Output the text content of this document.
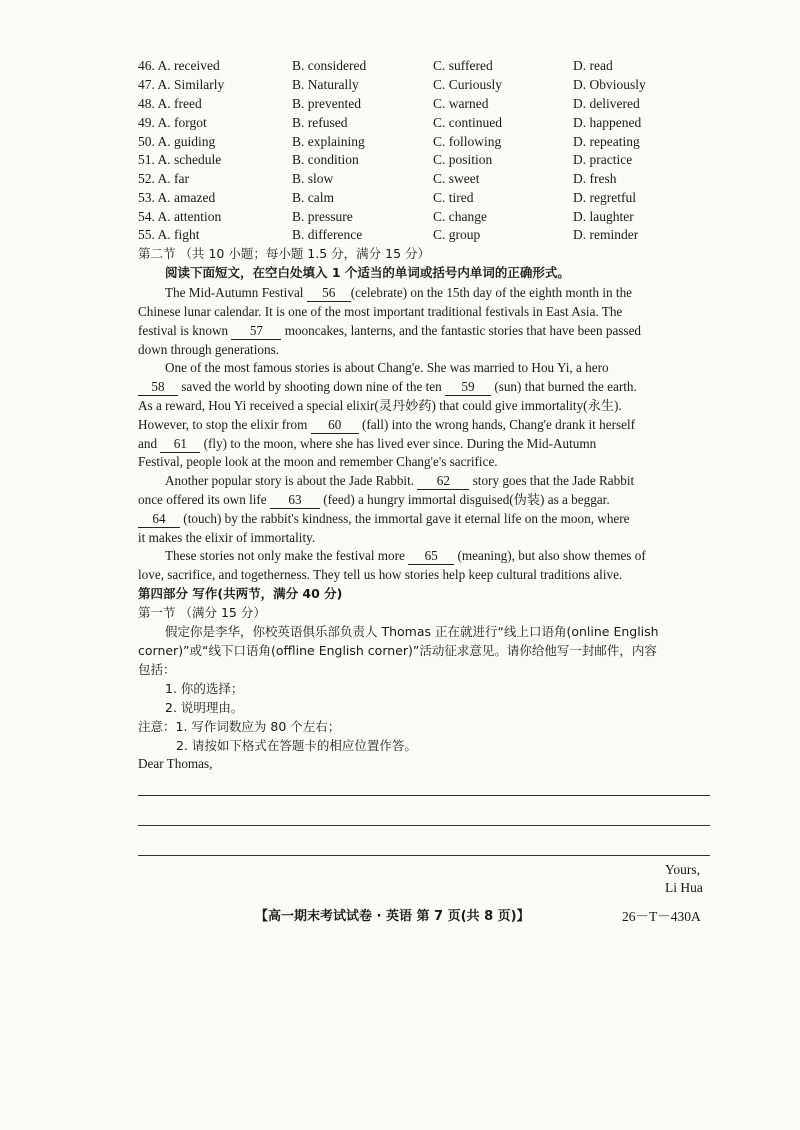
46. A. received	B. considered	C. suffered	D. read
47. A. Similarly	B. Naturally	C. Curiously	D. Obviously
48. A. freed	B. prevented	C. warned	D. delivered
49. A. forgot	B. refused	C. continued	D. happened
50. A. guiding	B. explaining	C. following	D. repeating
51. A. schedule	B. condition	C. position	D. practice
52. A. far	B. slow	C. sweet	D. fresh
53. A. amazed	B. calm	C. tired	D. regretful
54. A. attention	B. pressure	C. change	D. laughter
55. A. fight	B. difference	C. group	D. reminder
第二节 （共 10 小题；每小题 1.5 分，满分 15 分）
阅读下面短文，在空白处填入 1 个适当的单词或括号内单词的正确形式。
The Mid-Autumn Festival 56 (celebrate) on the 15th day of the eighth month in the
Chinese lunar calendar. It is one of the most important traditional festivals in East Asia. The
festival is known 57 mooncakes, lanterns, and the fantastic stories that have been passed
down through generations.
One of the most famous stories is about Chang'e. She was married to Hou Yi, a hero
58 saved the world by shooting down nine of the ten 59 (sun) that burned the earth.
As a reward, Hou Yi received a special elixir(灵丹妙药) that could give immortality(永生).
However, to stop the elixir from 60 (fall) into the wrong hands, Chang'e drank it herself
and 61 (fly) to the moon, where she has lived ever since. During the Mid-Autumn
Festival, people look at the moon and remember Chang'e's sacrifice.
Another popular story is about the Jade Rabbit. 62 story goes that the Jade Rabbit
once offered its own life 63 (feed) a hungry immortal disguised(伪装) as a beggar.
64 (touch) by the rabbit's kindness, the immortal gave it eternal life on the moon, where
it makes the elixir of immortality.
These stories not only make the festival more 65 (meaning), but also show themes of
love, sacrifice, and togetherness. They tell us how stories help keep cultural traditions alive.
第四部分 写作(共两节，满分 40 分)
第一节 （满分 15 分）
假定你是李华，你校英语俱乐部负责人 Thomas 正在就进行“线上口语角(online English
corner)”或“线下口语角(offline English corner)”活动征求意见。请你给他写一封邮件，内容
包括：
1. 你的选择；
2. 说明理由。
注意：1. 写作词数应为 80 个左右；
2. 请按如下格式在答题卡的相应位置作答。
Dear Thomas,
Yours,
Li Hua
【高一期末考试试卷 · 英语 第 7 页(共 8 页)】	26－T－430A
